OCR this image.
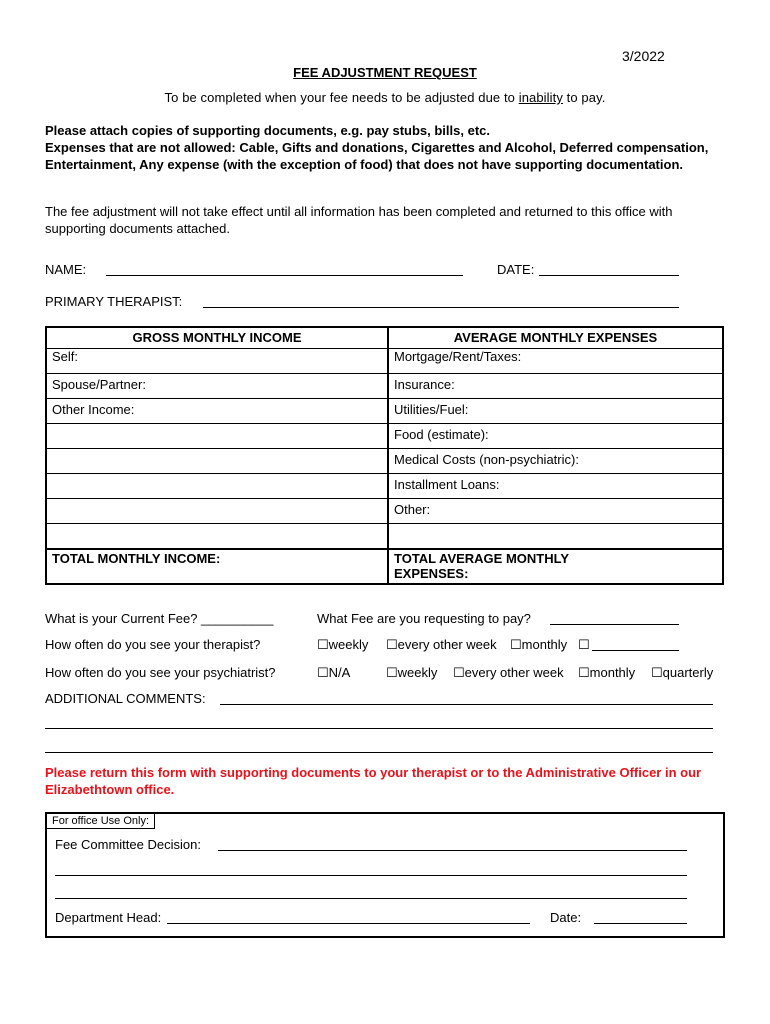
3/2022
FEE ADJUSTMENT REQUEST
To be completed when your fee needs to be adjusted due to inability to pay.
Please attach copies of supporting documents, e.g. pay stubs, bills, etc.
Expenses that are not allowed: Cable, Gifts and donations, Cigarettes and Alcohol, Deferred compensation, Entertainment, Any expense (with the exception of food) that does not have supporting documentation.
The fee adjustment will not take effect until all information has been completed and returned to this office with supporting documents attached.
NAME:	DATE:
PRIMARY THERAPIST:
GROSS MONTHLY INCOME	AVERAGE MONTHLY EXPENSES
Self:	Mortgage/Rent/Taxes:

Spouse/Partner:	Insurance:

Other Income:	Utilities/Fuel:

	Food (estimate):

	Medical Costs (non-psychiatric):

	Installment Loans:

	Other:

TOTAL MONTHLY INCOME:	TOTAL AVERAGE MONTHLY
EXPENSES:
What is your Current Fee? __________	What Fee are you requesting to pay?
How often do you see your therapist?	☐weekly ☐every other week ☐monthly ☐
How often do you see your psychiatrist?	☐N/A	☐weekly ☐every other week ☐monthly ☐quarterly
ADDITIONAL COMMENTS:
Please return this form with supporting documents to your therapist or to the Administrative Officer in our Elizabethtown office.
For office Use Only:
Fee Committee Decision:
Department Head:	Date:
